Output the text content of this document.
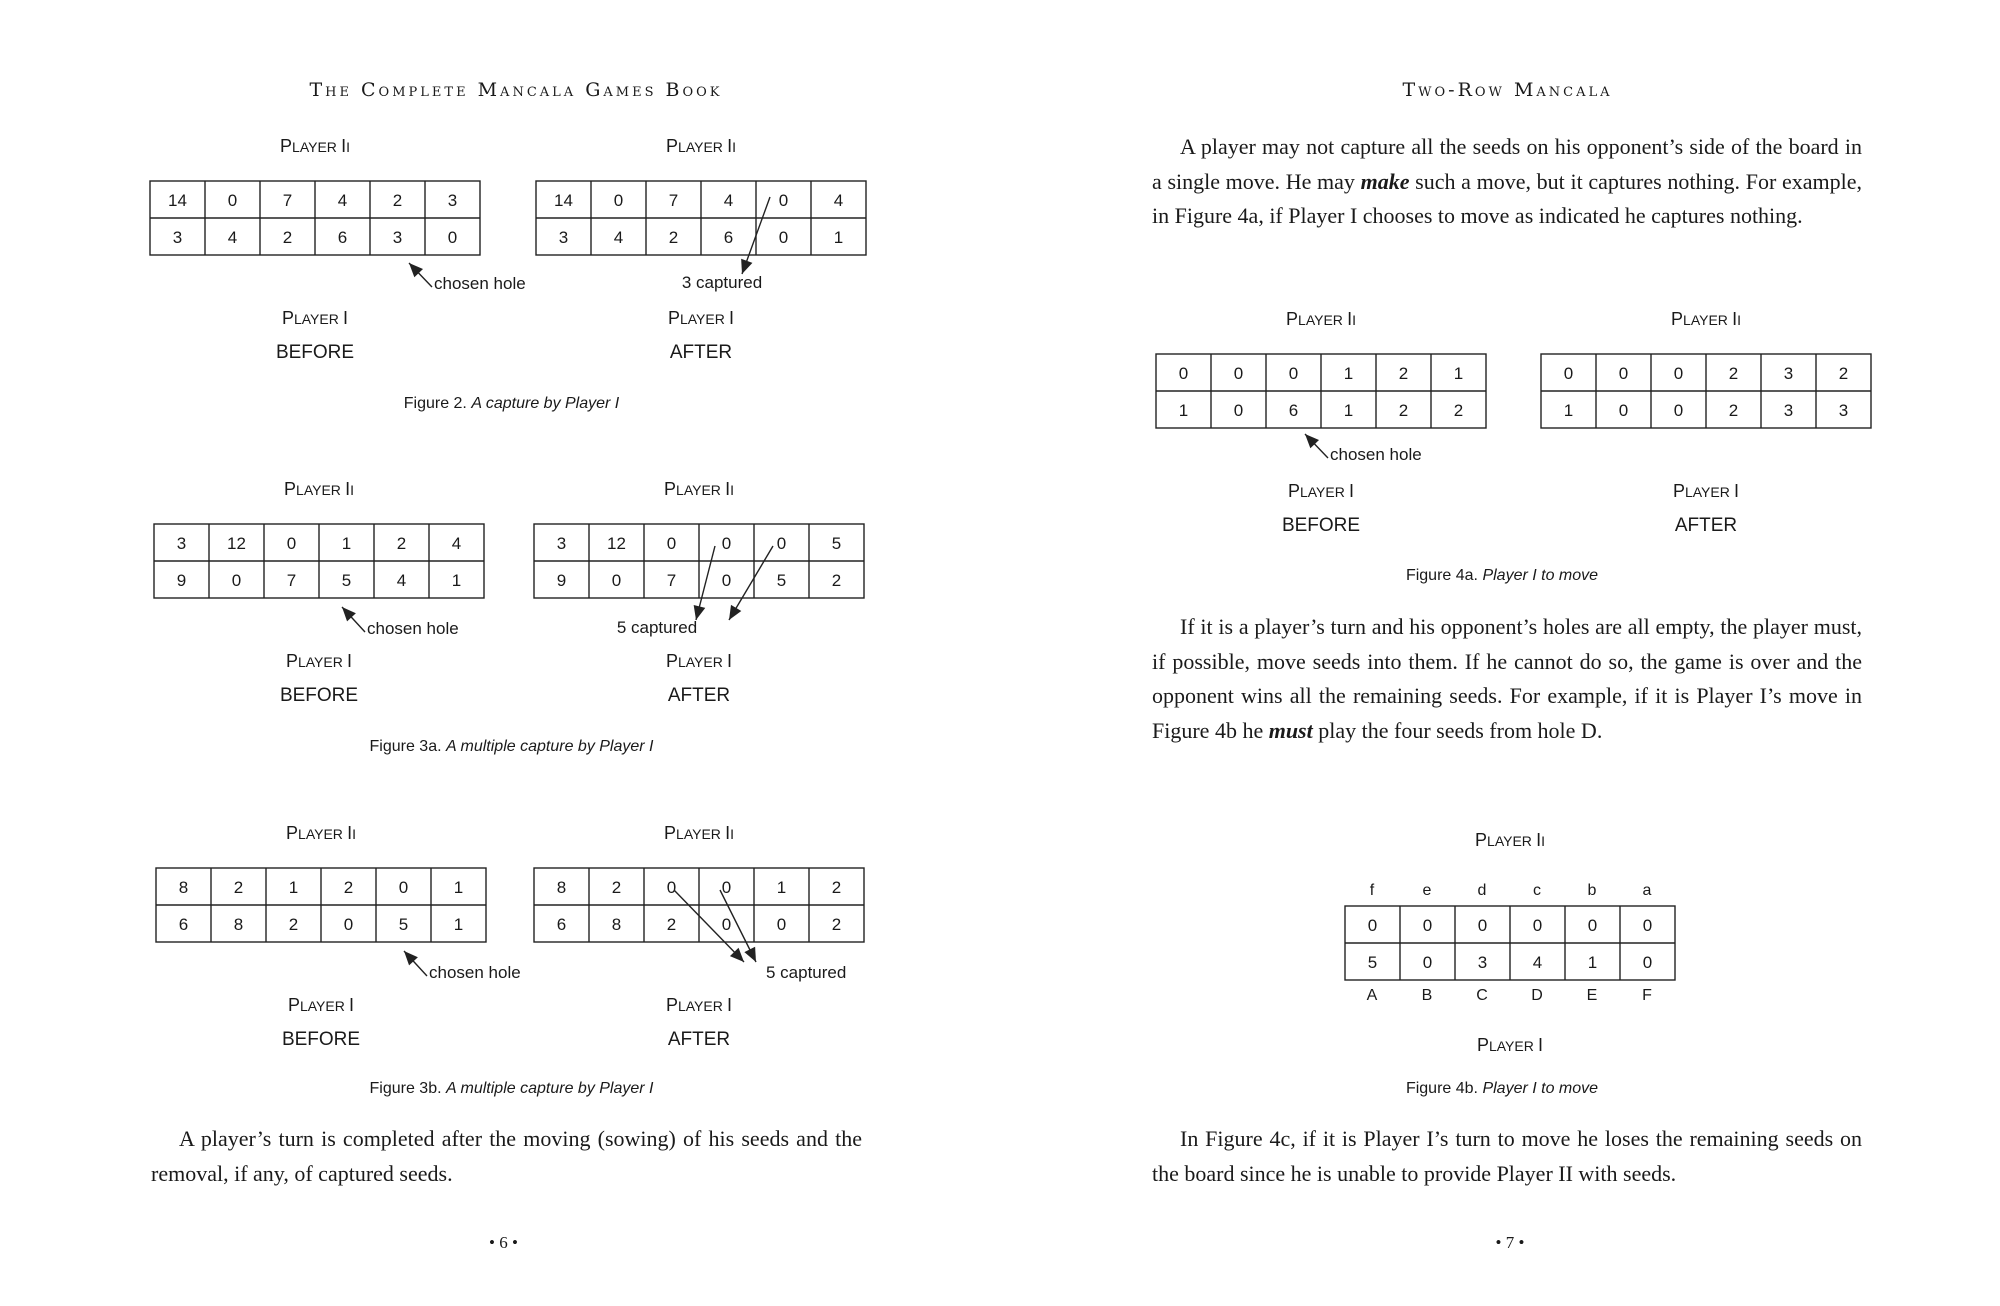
The Complete Mancala Games Book
PLAYER II
14 0	7	4	2	3
3	4	2	6	3	0
PLAYER I
BEFORE
PLAYER II
14 0	7	4	0	4
3	4	2	6	0	1
PLAYER I
AFTER
chosen hole	3 captured
Figure 2. A capture by Player I
PLAYER II
3 12 0	1	2	4
9	0	7	5	4	1
PLAYER I
BEFORE
PLAYER II
3 12 0	0	0	5
9	0	7	0	5	2
PLAYER I
AFTER
chosen hole	5 captured
Figure 3a. A multiple capture by Player I
PLAYER II
8	2	1	2	0	1
6	8	2	0	5	1
PLAYER I
BEFORE
PLAYER II
8	2	0	0	1	2
6	8	2	0	0	2
PLAYER I
AFTER
chosen hole	5 captured
Figure 3b. A multiple capture by Player I
A player’s turn is completed after the moving (sowing) of his seeds and the removal, if any, of captured seeds.
• 6 •
Two-Row Mancala
A player may not capture all the seeds on his opponent’s side of the board in a single move. He may make such a move, but it captures nothing. For example, in Figure 4a, if Player I chooses to move as indicated he captures nothing.
PLAYER II
0	0	0	1	2	1
1	0	6	1	2	2
PLAYER I
BEFORE
PLAYER II
0	0	0	2	3	2
1	0	0	2	3	3
PLAYER I
AFTER
chosen hole
Figure 4a. Player I to move
If it is a player’s turn and his opponent’s holes are all empty, the player must, if possible, move seeds into them. If he cannot do so, the game is over and the opponent wins all the remaining seeds. For example, if it is Player I’s move in Figure 4b he must play the four seeds from hole D.
PLAYER II
f	e	d	c	b	a
0	0	0	0	0	0
5	0	3	4	1	0
A	B	C	D	E	F
PLAYER I
Figure 4b. Player I to move
In Figure 4c, if it is Player I’s turn to move he loses the remaining seeds on the board since he is unable to provide Player II with seeds.
• 7 •
